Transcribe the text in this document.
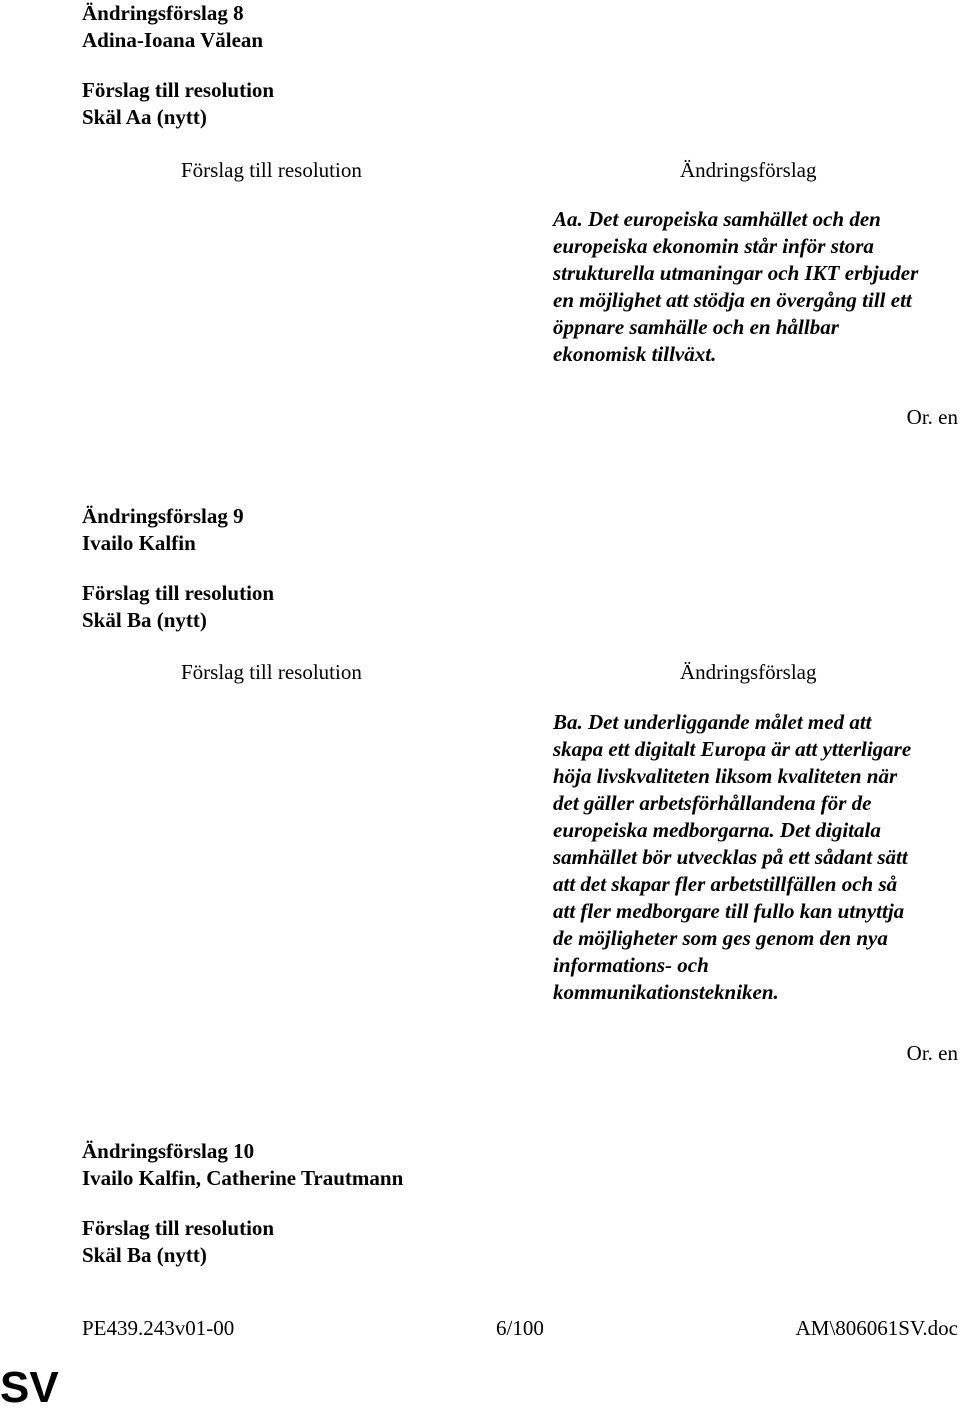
Ändringsförslag 8
Adina-Ioana Vălean
Förslag till resolution
Skäl Aa (nytt)
Förslag till resolution	Ändringsförslag
Aa. Det europeiska samhället och den
europeiska ekonomin står inför stora
strukturella utmaningar och IKT erbjuder
en möjlighet att stödja en övergång till ett
öppnare samhälle och en hållbar
ekonomisk tillväxt.
Or. en
Ändringsförslag 9
Ivailo Kalfin
Förslag till resolution
Skäl Ba (nytt)
Förslag till resolution	Ändringsförslag
Ba. Det underliggande målet med att
skapa ett digitalt Europa är att ytterligare
höja livskvaliteten liksom kvaliteten när
det gäller arbetsförhållandena för de
europeiska medborgarna. Det digitala
samhället bör utvecklas på ett sådant sätt
att det skapar fler arbetstillfällen och så
att fler medborgare till fullo kan utnyttja
de möjligheter som ges genom den nya
informations- och
kommunikationstekniken.
Or. en
Ändringsförslag 10
Ivailo Kalfin, Catherine Trautmann
Förslag till resolution
Skäl Ba (nytt)
PE439.243v01-00	6/100	AM\806061SV.doc
SV
